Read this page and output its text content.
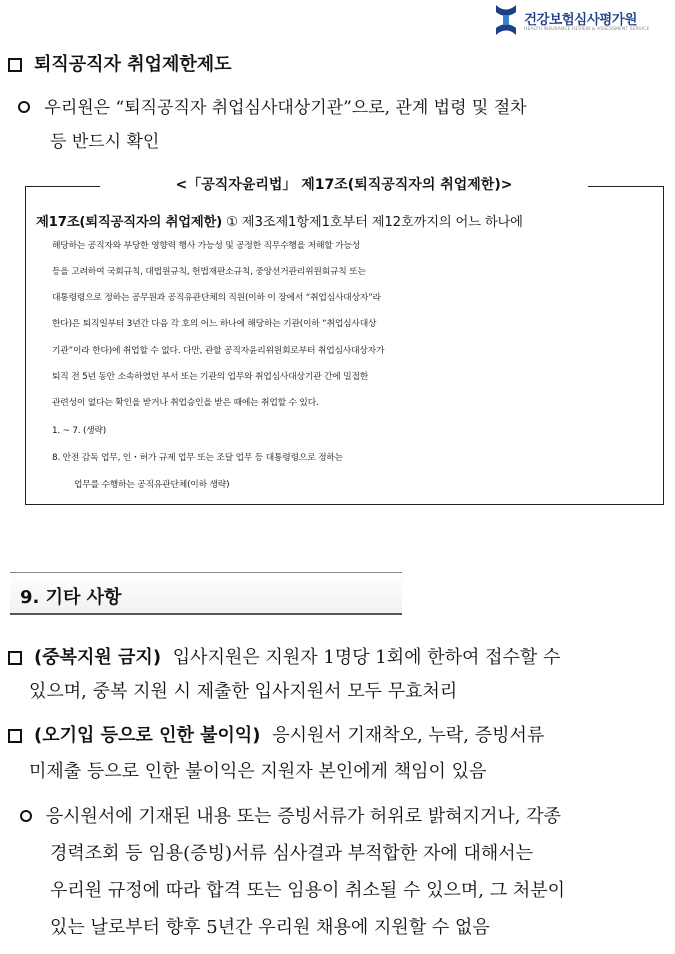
건강보험심사평가원
HEALTH INSURANCE REVIEW & ASSESSMENT SERVICE
퇴직공직자 취업제한제도
우리원은 “퇴직공직자 취업심사대상기관”으로, 관계 법령 및 절차
등 반드시 확인
<「공직자윤리법」 제17조(퇴직공직자의 취업제한)>
제17조(퇴직공직자의 취업제한) ① 제3조제1항제1호부터 제12호까지의 어느 하나에
해당하는 공직자와 부당한 영향력 행사 가능성 및 공정한 직무수행을 저해할 가능성
등을 고려하여 국회규칙, 대법원규칙, 헌법재판소규칙, 중앙선거관리위원회규칙 또는
대통령령으로 정하는 공무원과 공직유관단체의 직원(이하 이 장에서 “취업심사대상자”라
한다)은 퇴직일부터 3년간 다음 각 호의 어느 하나에 해당하는 기관(이하 “취업심사대상
기관”이라 한다)에 취업할 수 없다. 다만, 관할 공직자윤리위원회로부터 취업심사대상자가
퇴직 전 5년 동안 소속하였던 부서 또는 기관의 업무와 취업심사대상기관 간에 밀접한
관련성이 없다는 확인을 받거나 취업승인을 받은 때에는 취업할 수 있다.
1. ~ 7. (생략)
8. 안전 감독 업무, 인・허가 규제 업무 또는 조달 업무 등 대통령령으로 정하는
업무를 수행하는 공직유관단체(이하 생략)
9. 기타 사항
(중복지원 금지) 입사지원은 지원자 1명당 1회에 한하여 접수할 수
있으며, 중복 지원 시 제출한 입사지원서 모두 무효처리
(오기입 등으로 인한 불이익) 응시원서 기재착오, 누락, 증빙서류
미제출 등으로 인한 불이익은 지원자 본인에게 책임이 있음
응시원서에 기재된 내용 또는 증빙서류가 허위로 밝혀지거나, 각종
경력조회 등 임용(증빙)서류 심사결과 부적합한 자에 대해서는
우리원 규정에 따라 합격 또는 임용이 취소될 수 있으며, 그 처분이
있는 날로부터 향후 5년간 우리원 채용에 지원할 수 없음
